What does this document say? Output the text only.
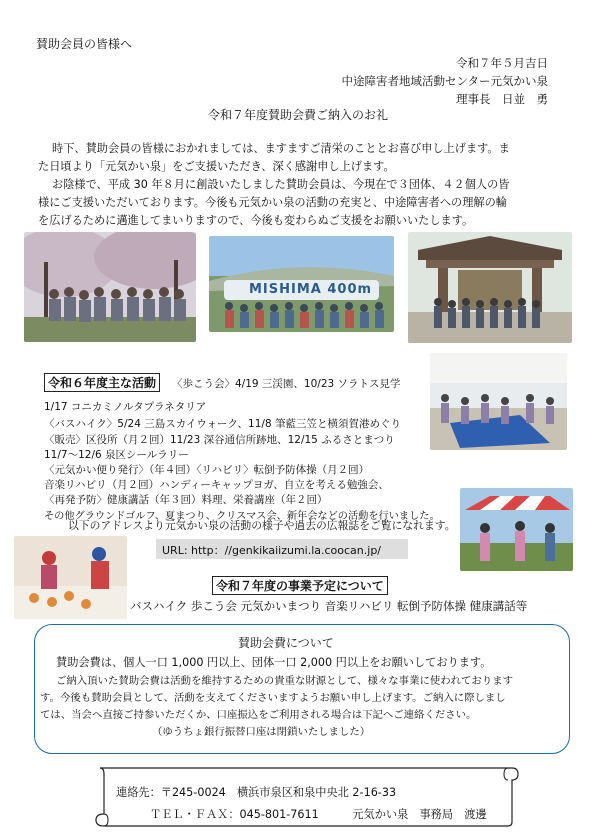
賛助会員の皆様へ
令和７年５月吉日
中途障害者地域活動センター元気かい泉
理事長　日並　勇
令和７年度賛助会費ご納入のお礼
時下、賛助会員の皆様におかれましては、ますますご清栄のこととお喜び申し上げます。ま
た日頃より「元気かい泉」をご支援いただき、深く感謝申し上げます。
お陰様で、平成 30 年８月に創設いたしました賛助会員は、今現在で３団体、４２個人の皆
様にご支援いただいております。今後も元気かい泉の活動の充実と、中途障害者への理解の輪
を広げるために邁進してまいりますので、今後も変わらぬご支援をお願いいたします。
MISHIMA 400m
令和６年度主な活動	〈歩こう会〉4/19 三渓園、10/23 ソラトス見学
1/17 コニカミノルタプラネタリア
〈バスハイク〉5/24 三島スカイウォーク、11/8 筆藍三笠と横須賀港めぐり
〈販売〉区役所（月２回）11/23 深谷通信所跡地、12/15 ふるさとまつり
11/7～12/6 泉区シールラリー
〈元気かい便り発行〉（年４回）〈リハビリ〉転倒予防体操（月２回）
音楽リハビリ（月２回）ハンディーキャップヨガ、自立を考える勉強会、
〈再発予防〉健康講話（年３回）料理、栄養講座（年２回）
その他グラウンドゴルフ、夏まつり、クリスマス会、新年会などの活動を行いました。
以下のアドレスより元気かい泉の活動の様子や過去の広報誌をご覧になれます。
URL: http：//genkikaiizumi.la.coocan.jp/
令和７年度の事業予定について
バスハイク 歩こう会 元気かいまつり 音楽リハビリ 転倒予防体操 健康講話等
賛助会費について
賛助会費は、個人一口 1,000 円以上、団体一口 2,000 円以上をお願いしております。
ご納入頂いた賛助会費は活動を維持するための貴重な財源として、様々な事業に使われております
す。今後も賛助会員として、活動を支えてくださいますようお願い申し上げます。ご納入に際しまし
ては、当会へ直接ご持参いただくか、口座振込をご利用される場合は下記へご連絡ください。
（ゆうちょ銀行振替口座は閉鎖いたしました）
連絡先：〒245-0024　横浜市泉区和泉中央北 2-16-33
ＴＥＬ・ＦＡＸ：045-801-7611　　　元気かい泉　事務局　渡邊
